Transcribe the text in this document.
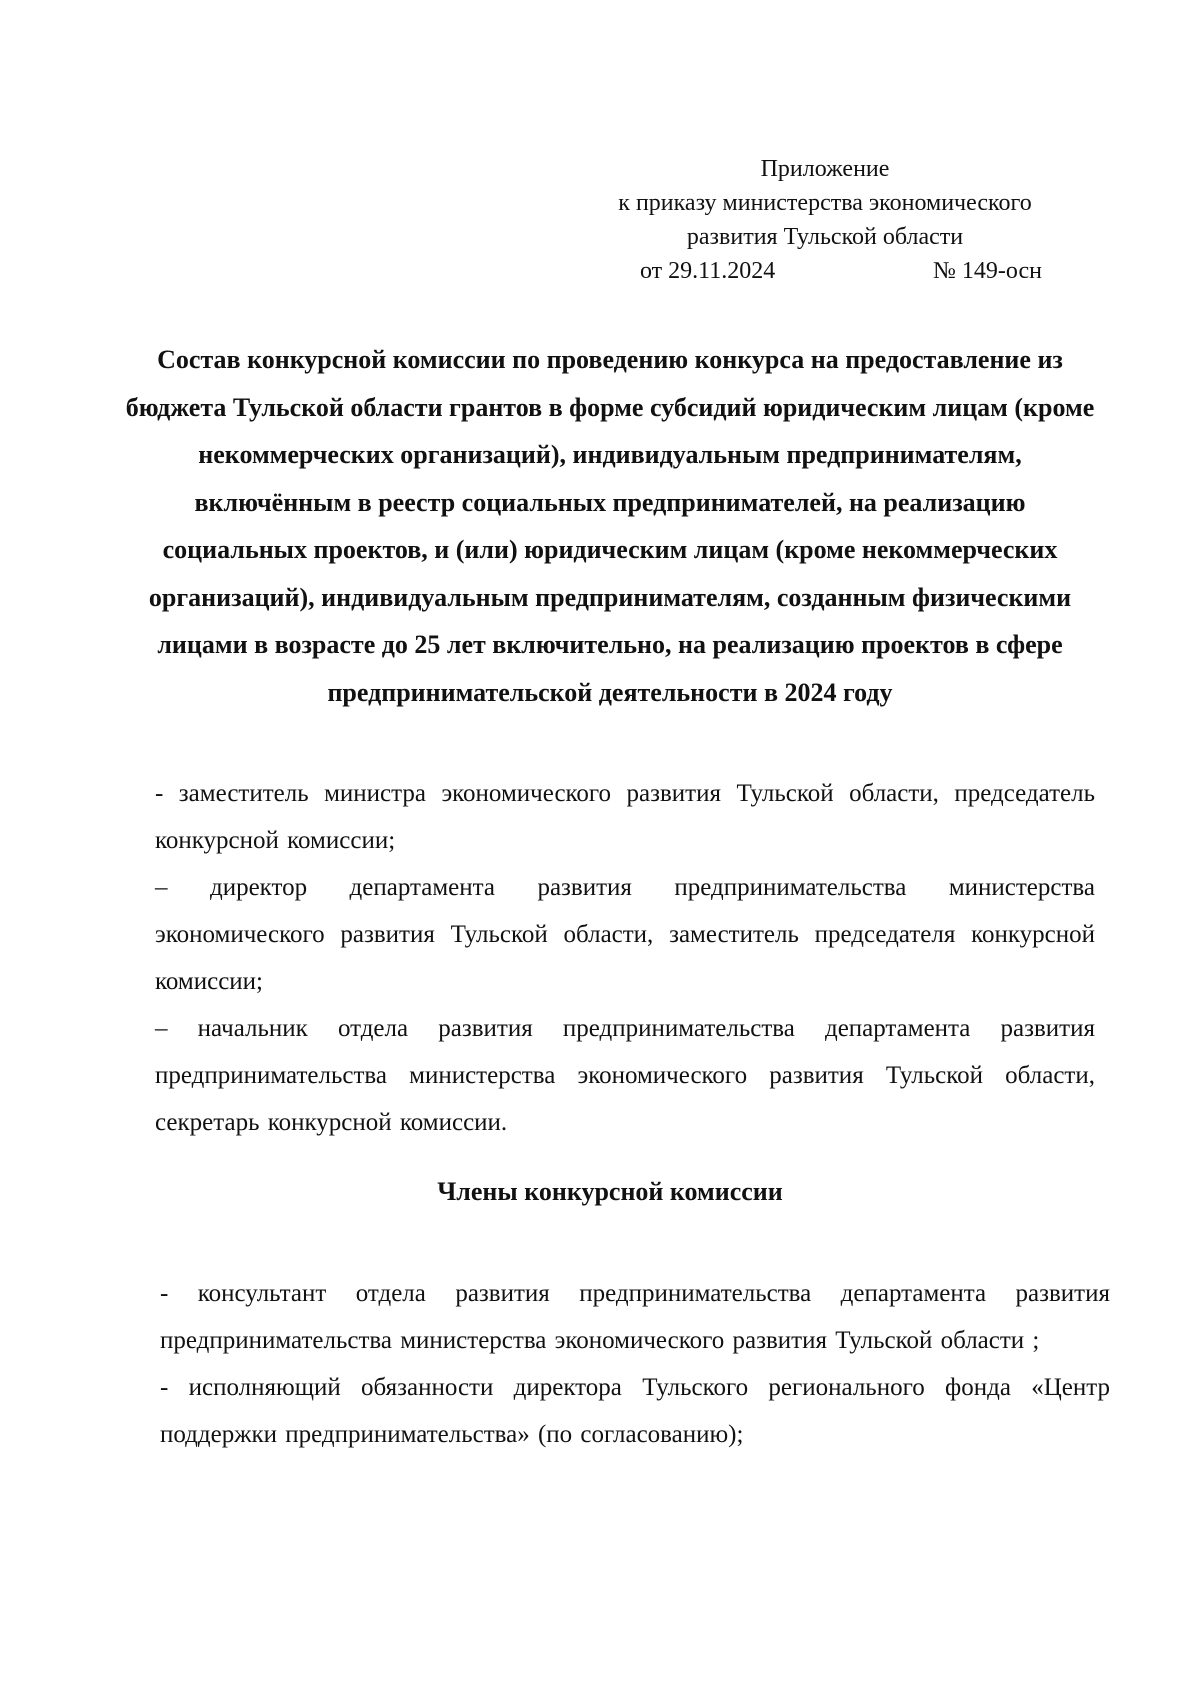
Приложение
к приказу министерства экономического
развития Тульской области
от 29.11.2024	№ 149-осн

Состав конкурсной комиссии по проведению конкурса на предоставление из бюджета Тульской области грантов в форме субсидий юридическим лицам (кроме некоммерческих организаций), индивидуальным предпринимателям, включённым в реестр социальных предпринимателей, на реализацию социальных проектов, и (или) юридическим лицам (кроме некоммерческих организаций), индивидуальным предпринимателям, созданным физическими лицами в возрасте до 25 лет включительно, на реализацию проектов в сфере предпринимательской деятельности в 2024 году

- заместитель министра экономического развития Тульской области, председатель конкурсной комиссии;
– директор департамента развития предпринимательства министерства экономического развития Тульской области, заместитель председателя конкурсной комиссии;
– начальник отдела развития предпринимательства департамента развития предпринимательства министерства экономического развития Тульской области, секретарь конкурсной комиссии.

Члены конкурсной комиссии

- консультант отдела развития предпринимательства департамента развития предпринимательства министерства экономического развития Тульской области ;
- исполняющий обязанности директора Тульского регионального фонда «Центр поддержки предпринимательства» (по согласованию);
